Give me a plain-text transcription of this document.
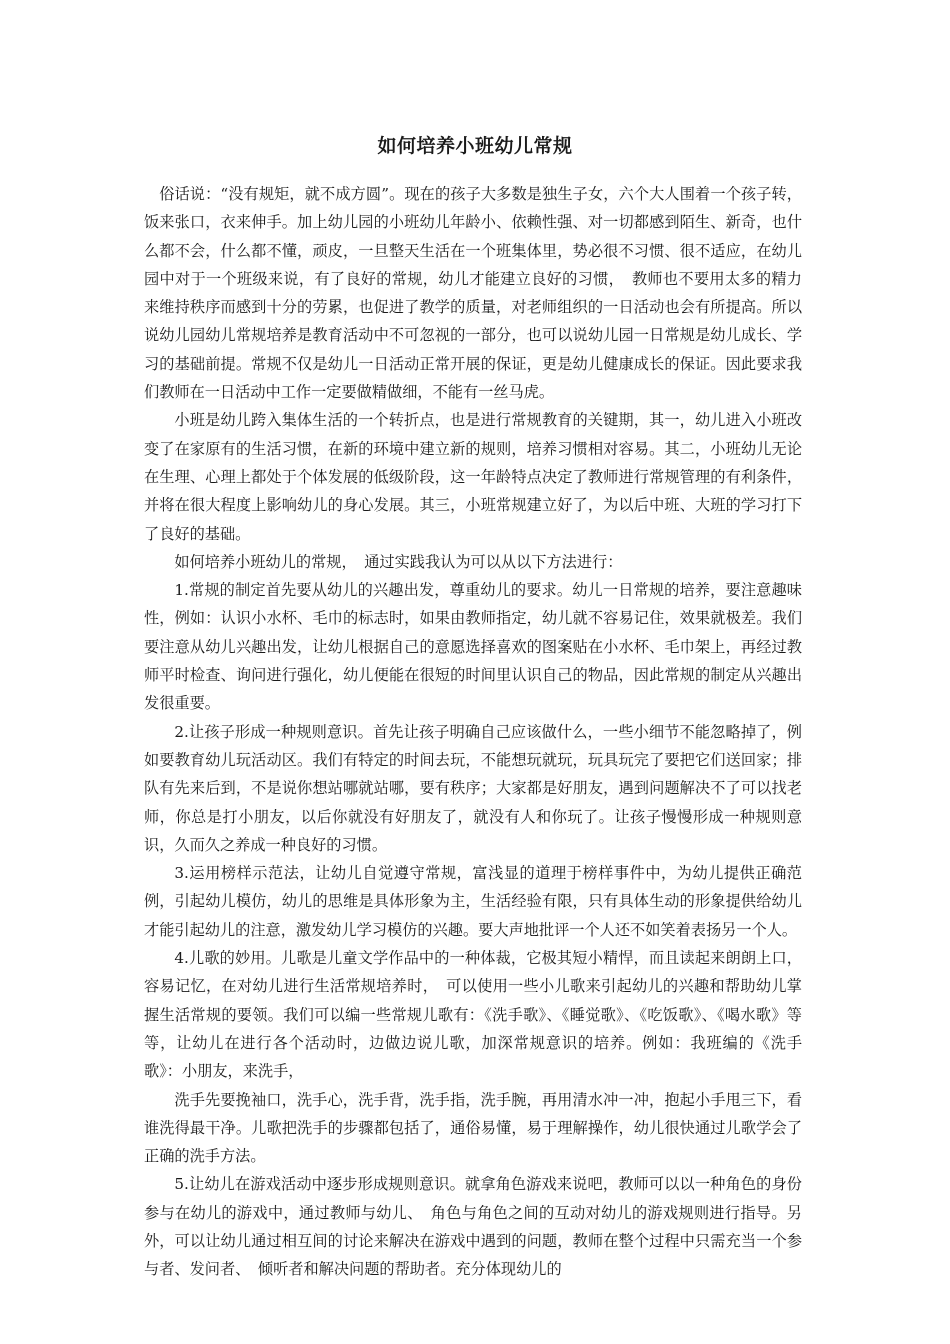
如何培养小班幼儿常规

俗话说：“没有规矩，就不成方圆”。现在的孩子大多数是独生子女，六个大人围着一个孩子转，饭来张口，衣来伸手。加上幼儿园的小班幼儿年龄小、依赖性强、对一切都感到陌生、新奇，也什么都不会，什么都不懂，顽皮，一旦整天生活在一个班集体里，势必很不习惯、很不适应，在幼儿园中对于一个班级来说，有了良好的常规，幼儿才能建立良好的习惯，　教师也不要用太多的精力来维持秩序而感到十分的劳累，也促进了教学的质量，对老师组织的一日活动也会有所提高。所以说幼儿园幼儿常规培养是教育活动中不可忽视的一部分，也可以说幼儿园一日常规是幼儿成长、学习的基础前提。常规不仅是幼儿一日活动正常开展的保证，更是幼儿健康成长的保证。因此要求我们教师在一日活动中工作一定要做精做细，不能有一丝马虎。

小班是幼儿跨入集体生活的一个转折点，也是进行常规教育的关键期，其一，幼儿进入小班改变了在家原有的生活习惯，在新的环境中建立新的规则，培养习惯相对容易。其二，小班幼儿无论在生理、心理上都处于个体发展的低级阶段，这一年龄特点决定了教师进行常规管理的有利条件，并将在很大程度上影响幼儿的身心发展。其三，小班常规建立好了，为以后中班、大班的学习打下了良好的基础。

如何培养小班幼儿的常规，　通过实践我认为可以从以下方法进行：

1.常规的制定首先要从幼儿的兴趣出发，尊重幼儿的要求。幼儿一日常规的培养，要注意趣味性，例如：认识小水杯、毛巾的标志时，如果由教师指定，幼儿就不容易记住，效果就极差。我们要注意从幼儿兴趣出发，让幼儿根据自己的意愿选择喜欢的图案贴在小水杯、毛巾架上，再经过教师平时检查、询问进行强化，幼儿便能在很短的时间里认识自己的物品，因此常规的制定从兴趣出发很重要。

2.让孩子形成一种规则意识。首先让孩子明确自己应该做什么，一些小细节不能忽略掉了，例如要教育幼儿玩活动区。我们有特定的时间去玩，不能想玩就玩，玩具玩完了要把它们送回家；排队有先来后到，不是说你想站哪就站哪，要有秩序；大家都是好朋友，遇到问题解决不了可以找老师，你总是打小朋友，以后你就没有好朋友了，就没有人和你玩了。让孩子慢慢形成一种规则意识，久而久之养成一种良好的习惯。

3.运用榜样示范法，让幼儿自觉遵守常规，富浅显的道理于榜样事件中，为幼儿提供正确范例，引起幼儿模仿，幼儿的思维是具体形象为主，生活经验有限，只有具体生动的形象提供给幼儿才能引起幼儿的注意，激发幼儿学习模仿的兴趣。要大声地批评一个人还不如笑着表扬另一个人。

4.儿歌的妙用。儿歌是儿童文学作品中的一种体裁，它极其短小精悍，而且读起来朗朗上口，容易记忆，在对幼儿进行生活常规培养时，　可以使用一些小儿歌来引起幼儿的兴趣和帮助幼儿掌握生活常规的要领。我们可以编一些常规儿歌有：《洗手歌》、《睡觉歌》、《吃饭歌》、《喝水歌》等等，让幼儿在进行各个活动时，边做边说儿歌，加深常规意识的培养。例如：我班编的《洗手歌》：小朋友，来洗手，

洗手先要挽袖口，洗手心，洗手背，洗手指，洗手腕，再用清水冲一冲，抱起小手甩三下，看谁洗得最干净。儿歌把洗手的步骤都包括了，通俗易懂，易于理解操作，幼儿很快通过儿歌学会了正确的洗手方法。

5.让幼儿在游戏活动中逐步形成规则意识。就拿角色游戏来说吧，教师可以以一种角色的身份参与在幼儿的游戏中，通过教师与幼儿、　角色与角色之间的互动对幼儿的游戏规则进行指导。另外，可以让幼儿通过相互间的讨论来解决在游戏中遇到的问题，教师在整个过程中只需充当一个参与者、发问者、　倾听者和解决问题的帮助者。充分体现幼儿的
